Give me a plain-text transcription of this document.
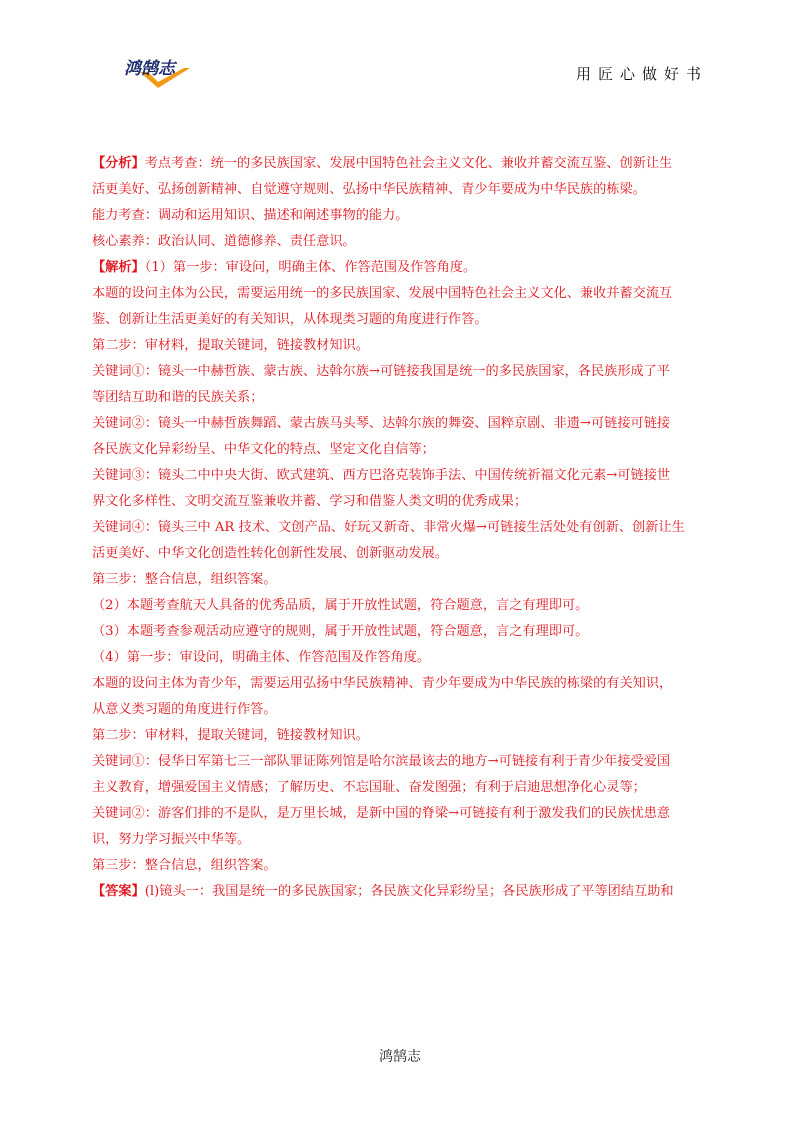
鸿鹄志	用匠心做好书
【分析】考点考查：统一的多民族国家、发展中国特色社会主义文化、兼收并蓄交流互鉴、创新让生
活更美好、弘扬创新精神、自觉遵守规则、弘扬中华民族精神、青少年要成为中华民族的栋梁。
能力考查：调动和运用知识、描述和阐述事物的能力。
核心素养：政治认同、道德修养、责任意识。
【解析】（1）第一步：审设问，明确主体、作答范围及作答角度。
本题的设问主体为公民，需要运用统一的多民族国家、发展中国特色社会主义文化、兼收并蓄交流互
鉴、创新让生活更美好的有关知识，从体现类习题的角度进行作答。
第二步：审材料，提取关键词，链接教材知识。
关键词①：镜头一中赫哲族、蒙古族、达斡尔族→可链接我国是统一的多民族国家，各民族形成了平
等团结互助和谐的民族关系；
关键词②：镜头一中赫哲族舞蹈、蒙古族马头琴、达斡尔族的舞姿、国粹京剧、非遗→可链接可链接
各民族文化异彩纷呈、中华文化的特点、坚定文化自信等；
关键词③：镜头二中中央大街、欧式建筑、西方巴洛克装饰手法、中国传统祈福文化元素→可链接世
界文化多样性、文明交流互鉴兼收并蓄、学习和借鉴人类文明的优秀成果；
关键词④：镜头三中 AR 技术、文创产品、好玩又新奇、非常火爆→可链接生活处处有创新、创新让生
活更美好、中华文化创造性转化创新性发展、创新驱动发展。
第三步：整合信息，组织答案。
（2）本题考查航天人具备的优秀品质，属于开放性试题，符合题意，言之有理即可。
（3）本题考查参观活动应遵守的规则，属于开放性试题，符合题意，言之有理即可。
（4）第一步：审设问，明确主体、作答范围及作答角度。
本题的设问主体为青少年，需要运用弘扬中华民族精神、青少年要成为中华民族的栋梁的有关知识，
从意义类习题的角度进行作答。
第二步：审材料，提取关键词，链接教材知识。
关键词①：侵华日军第七三一部队罪证陈列馆是哈尔滨最该去的地方→可链接有利于青少年接受爱国
主义教育，增强爱国主义情感；了解历史、不忘国耻、奋发图强；有利于启迪思想净化心灵等；
关键词②：游客们排的不是队，是万里长城，是新中国的脊梁→可链接有利于激发我们的民族忧患意
识，努力学习振兴中华等。
第三步：整合信息，组织答案。
【答案】(l)镜头一：我国是统一的多民族国家；各民族文化异彩纷呈；各民族形成了平等团结互助和
鸿鹄志
